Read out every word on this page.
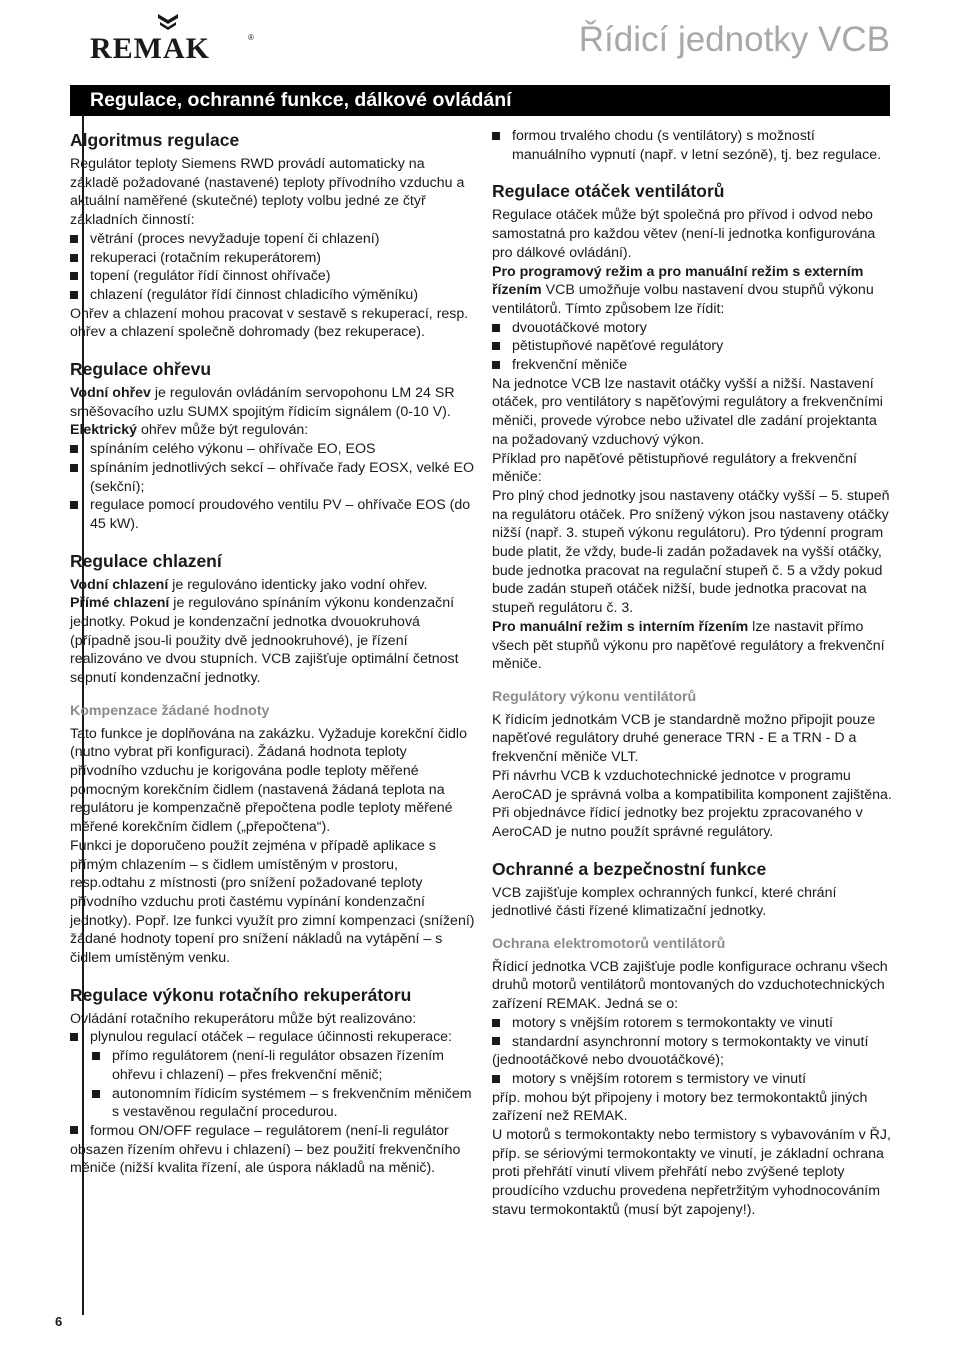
REMAK	®	Řídicí jednotky VCB
Regulace, ochranné funkce, dálkové ovládání
6
Algoritmus regulace

Regulátor teploty Siemens RWD provádí automaticky na základě požadované (nastavené) teploty přívodního vzduchu a aktuální naměřené (skutečné) teploty volbu jedné ze čtyř základních činností:

větrání (proces nevyžaduje topení či chlazení)

rekuperaci (rotačním rekuperátorem)

topení (regulátor řídí činnost ohřívače)

chlazení (regulátor řídí činnost chladicího výměníku)

Ohřev a chlazení mohou pracovat v sestavě s rekuperací, resp. ohřev a chlazení společně dohromady (bez rekuperace).

Regulace ohřevu

Vodní ohřev je regulován ovládáním servopohonu LM 24 SR směšovacího uzlu SUMX spojitým řídicím signálem (0-10 V).

Elektrický ohřev může být regulován:

spínáním celého výkonu – ohřívače EO, EOS

spínáním jednotlivých sekcí – ohřívače řady EOSX, velké EO (sekční);

regulace pomocí proudového ventilu PV – ohřívače EOS (do 45 kW).

Regulace chlazení

Vodní chlazení je regulováno identicky jako vodní ohřev.

Přímé chlazení je regulováno spínáním výkonu kondenzační jednotky. Pokud je kondenzační jednotka dvouokruhová (případně jsou-li použity dvě jednookruhové), je řízení realizováno ve dvou stupních. VCB zajišťuje optimální četnost sepnutí kondenzační jednotky.

Kompenzace žádané hodnoty

Tato funkce je doplňována na zakázku. Vyžaduje korekční čidlo (nutno vybrat při konfiguraci). Žádaná hodnota teploty přívodního vzduchu je korigována podle teploty měřené pomocným korekčním čidlem (nastavená žádaná teplota na regulátoru je kompenzačně přepočtena podle teploty měřené měřené korekčním čidlem („přepočtena“).

Funkci je doporučeno použít zejména v případě aplikace s přímým chlazením – s čidlem umístěným v prostoru, resp.odtahu z místnosti (pro snížení požadované teploty přívodního vzduchu proti častému vypínání kondenzační jednotky). Popř. lze funkci využít pro zimní kompenzaci (snížení) žádané hodnoty topení pro snížení nákladů na vytápění – s čidlem umístěným venku.

Regulace výkonu rotačního rekuperátoru

Ovládání rotačního rekuperátoru může být realizováno:

plynulou regulací otáček – regulace účinnosti rekuperace:

přímo regulátorem (není-li regulátor obsazen řízením ohřevu i chlazení) – přes frekvenční měnič;

autonomním řídicím systémem – s frekvenčním měničem s vestavěnou regulační procedurou.

formou ON/OFF regulace – regulátorem (není-li regulátor obsazen řízením ohřevu i chlazení) – bez použití frekvenčního měniče (nižší kvalita řízení, ale úspora nákladů na měnič).

formou trvalého chodu (s ventilátory) s možností manuálního vypnutí (např. v letní sezóně), tj. bez regulace.

Regulace otáček ventilátorů

Regulace otáček může být společná pro přívod i odvod nebo samostatná pro každou větev (není-li jednotka konfigurována pro dálkové ovládání).

Pro programový režim a pro manuální režim s externím řízením VCB umožňuje volbu nastavení dvou stupňů výkonu ventilátorů. Tímto způsobem lze řídit:

dvouotáčkové motory

pětistupňové napěťové regulátory

frekvenční měniče

Na jednotce VCB lze nastavit otáčky vyšší a nižší. Nastavení otáček, pro ventilátory s napěťovými regulátory a frekvenčními měniči, provede výrobce nebo uživatel dle zadání projektanta na požadovaný vzduchový výkon.

Příklad pro napěťové pětistupňové regulátory a frekvenční měniče:

Pro plný chod jednotky jsou nastaveny otáčky vyšší – 5. stupeň na regulátoru otáček. Pro snížený výkon jsou nastaveny otáčky nižší (např. 3. stupeň výkonu regulátoru). Pro týdenní program bude platit, že vždy, bude-li zadán požadavek na vyšší otáčky, bude jednotka pracovat na regulační stupeň č. 5 a vždy pokud bude zadán stupeň otáček nižší, bude jednotka pracovat na stupeň regulátoru č. 3.

Pro manuální režim s interním řízením lze nastavit přímo všech pět stupňů výkonu pro napěťové regulátory a frekvenční měniče.

Regulátory výkonu ventilátorů

K řídicím jednotkám VCB je standardně možno připojit pouze napěťové regulátory druhé generace TRN - E a TRN - D a frekvenční měniče VLT.

Při návrhu VCB k vzduchotechnické jednotce v programu AeroCAD je správná volba a kompatibilita komponent zajištěna. Při objednávce řídicí jednotky bez projektu zpracovaného v AeroCAD je nutno použít správné regulátory.

Ochranné a bezpečnostní funkce

VCB zajišťuje komplex ochranných funkcí, které chrání jednotlivé části řízené klimatizační jednotky.

Ochrana elektromotorů ventilátorů

Řídicí jednotka VCB zajišťuje podle konfigurace ochranu všech druhů motorů ventilátorů montovaných do vzduchotechnických zařízení REMAK. Jedná se o:

motory s vnějším rotorem s termokontakty ve vinutí

standardní asynchronní motory s termokontakty ve vinutí (jednootáčkové nebo dvouotáčkové);

motory s vnějším rotorem s termistory ve vinutí

příp. mohou být připojeny i motory bez termokontaktů jiných zařízení než REMAK.

U motorů s termokontakty nebo termistory s vybavováním v ŘJ, příp. se sériovými termokontakty ve vinutí, je základní ochrana proti přehřátí vinutí vlivem přehřátí nebo zvýšené teploty proudícího vzduchu provedena nepřetržitým vyhodnocováním stavu termokontaktů (musí být zapojeny!).
